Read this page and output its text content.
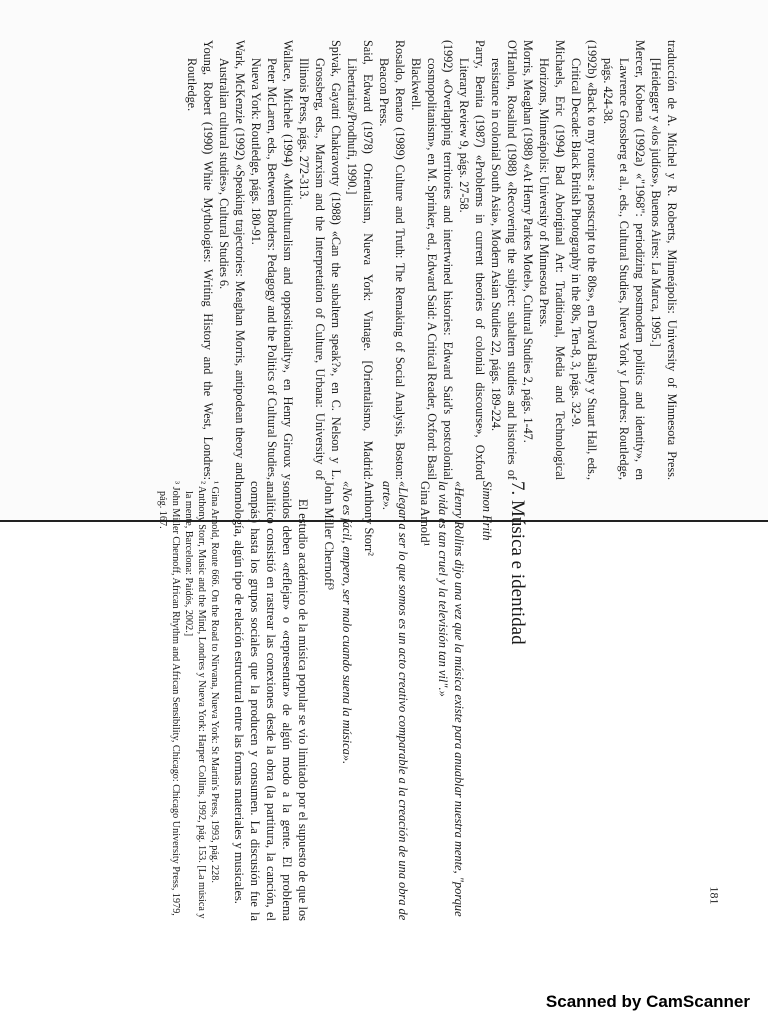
traducción de A. Michel y R. Roberts, Minneápolis: University of Minnesota Press. [Heidegger y «los judíos», Buenos Aires: La Marca, 1995.]

Mercer, Kobena (1992a) «"1968": periodizing postmodern politics and identity», en Lawrence Grossberg et al., eds., Cultural Studies, Nueva York y Londres: Routledge, págs. 424-38.

(1992b) «Back to my routes: a postscript to the 80s», en David Bailey y Stuart Hall, eds., Critical Decade: Black British Photography in the 80s, Ten-8, 3, págs. 32-9.

Michaels, Eric (1994) Bad Aboriginal Art: Traditional, Media and Technological Horizons, Minneápolis: University of Minnesota Press.

Morris, Meaghan (1988) «At Henry Parkes Motel», Cultural Studies 2, págs. 1-47.

O'Hanlon, Rosalind (1988) «Recovering the subject: subaltern studies and histories of resistance in colonial South Asia», Modern Asian Studies 22, págs. 189-224.

Parry, Benita (1987) «Problems in current theories of colonial discourse», Oxford Literary Review 9, págs. 27-58.

(1992) «Overlapping territories and intertwined histories: Edward Said's postcolonial cosmopolitanism», en M. Sprinker, ed., Edward Said: A Critical Reader, Oxford: Basil Blackwell.

Rosaldo, Renato (1989) Culture and Truth: The Remaking of Social Analysis, Boston: Beacon Press.

Said, Edward (1978) Orientalism, Nueva York: Vintage. [Orientalismo, Madrid: Libertarias/Prodhufi, 1990.]

Spivak, Gayatri Chakravorty (1988) «Can the subaltern speak?», en C. Nelson y L. Grossberg, eds., Marxism and the Interpretation of Culture, Urbana: University of Illinois Press, págs. 272-313.

Wallace, Michele (1994) «Multiculturalism and oppositionality», en Henry Giroux y Peter McLaren, eds., Between Borders: Pedagogy and the Politics of Cultural Studies, Nueva York: Routledge, págs. 180-91.

Wark, McKenzie (1992) «Speaking trajectories: Meaghan Morris, antipodean theory and Australian cultural studies», Cultural Studies 6.

Young, Robert (1990) White Mythologies: Writing History and the West, Londres: Routledge.

7. Música e identidad

Simon Frith

«Henry Rollins dijo una vez que la música existe para anuablar nuestra mente, "porque la vida es tan cruel y la televisión tan vil".»

Gina Arnold¹

«Llegar a ser lo que somos es un acto creativo comparable a la creación de una obra de arte».

Anthony Storr²

«No es fácil, empero, ser malo cuando suena la música».

John Miller Chernoff³

El estudio académico de la música popular se vio limitado por el supuesto de que los sonidos deben «reflejar» o «representar» de algún modo a la gente. El problema analítico consistió en rastrear las conexiones desde la obra (la partitura, la canción, el compás) hasta los grupos sociales que la producen y consumen. La discusión fue la homología, algún tipo de relación estructural entre las formas materiales y musicales.

¹ Gina Arnold, Route 666. On the Road to Nirvana, Nueva York: St Martin's Press, 1993, pág. 228.

² Anthony Storr, Music and the Mind, Londres y Nueva York: Harper Collins, 1992, pág. 153. [La música y la mente, Barcelona: Paidós, 2002.]

³ John Miller Chernoff, African Rhythm and African Sensibility, Chicago: Chicago University Press, 1979, pág. 167.

181
Scanned by CamScanner
